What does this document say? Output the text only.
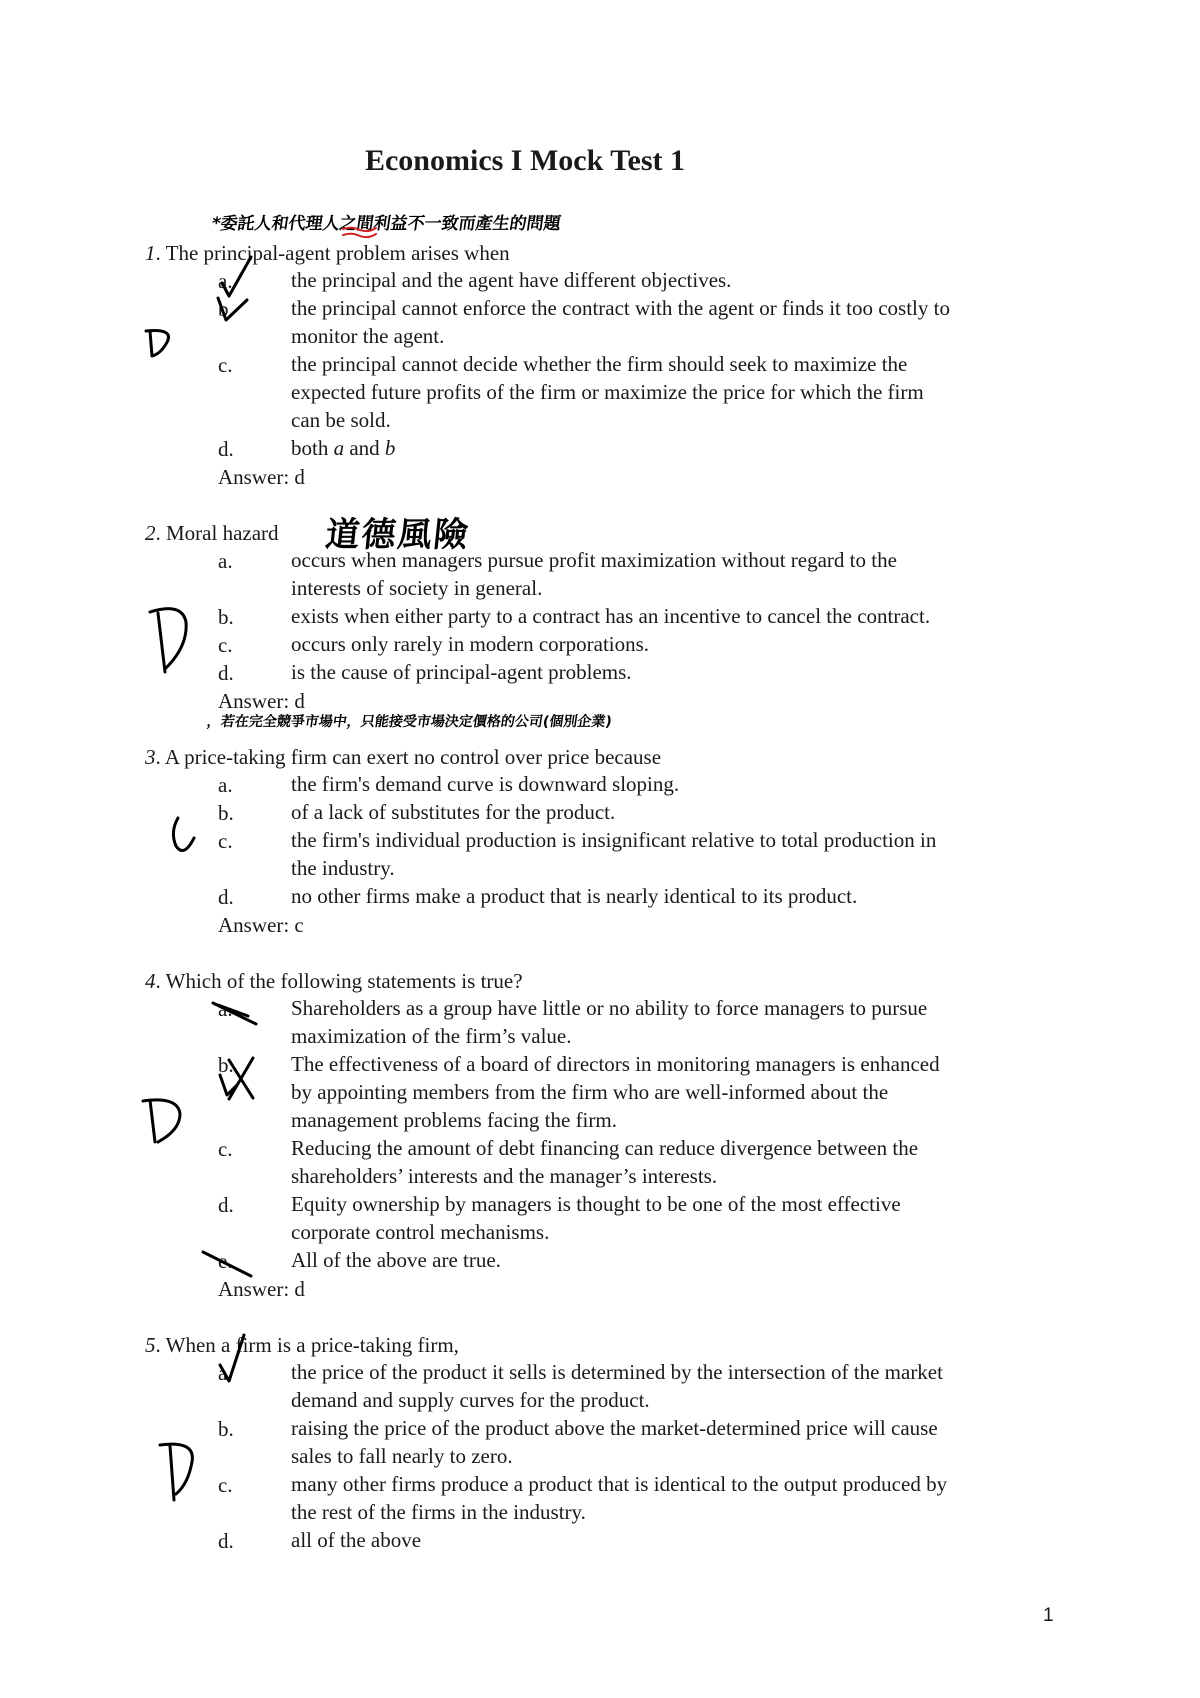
Economics I Mock Test 1
*委託人和代理人之間利益不一致而產生的問題
道德風險
，若在完全競爭市場中，只能接受市場決定價格的公司(個別企業)
1. The principal-agent problem arises when
a.	the principal and the agent have different objectives.
b.	the principal cannot enforce the contract with the agent or finds it too costly to
monitor the agent.
c.	the principal cannot decide whether the firm should seek to maximize the
expected future profits of the firm or maximize the price for which the firm
can be sold.
d.	both a and b
Answer: d
2. Moral hazard
a.	occurs when managers pursue profit maximization without regard to the
interests of society in general.
b.	exists when either party to a contract has an incentive to cancel the contract.
c.	occurs only rarely in modern corporations.
d.	is the cause of principal-agent problems.
Answer: d
3. A price-taking firm can exert no control over price because
a.	the firm's demand curve is downward sloping.
b.	of a lack of substitutes for the product.
c.	the firm's individual production is insignificant relative to total production in
the industry.
d.	no other firms make a product that is nearly identical to its product.
Answer: c
4. Which of the following statements is true?
a.	Shareholders as a group have little or no ability to force managers to pursue
maximization of the firm’s value.
b.	The effectiveness of a board of directors in monitoring managers is enhanced
by appointing members from the firm who are well-informed about the
management problems facing the firm.
c.	Reducing the amount of debt financing can reduce divergence between the
shareholders’ interests and the manager’s interests.
d.	Equity ownership by managers is thought to be one of the most effective
corporate control mechanisms.
e.	All of the above are true.
Answer: d
5. When a firm is a price-taking firm,
a.	the price of the product it sells is determined by the intersection of the market
demand and supply curves for the product.
b.	raising the price of the product above the market-determined price will cause
sales to fall nearly to zero.
c.	many other firms produce a product that is identical to the output produced by
the rest of the firms in the industry.
d.	all of the above
1
